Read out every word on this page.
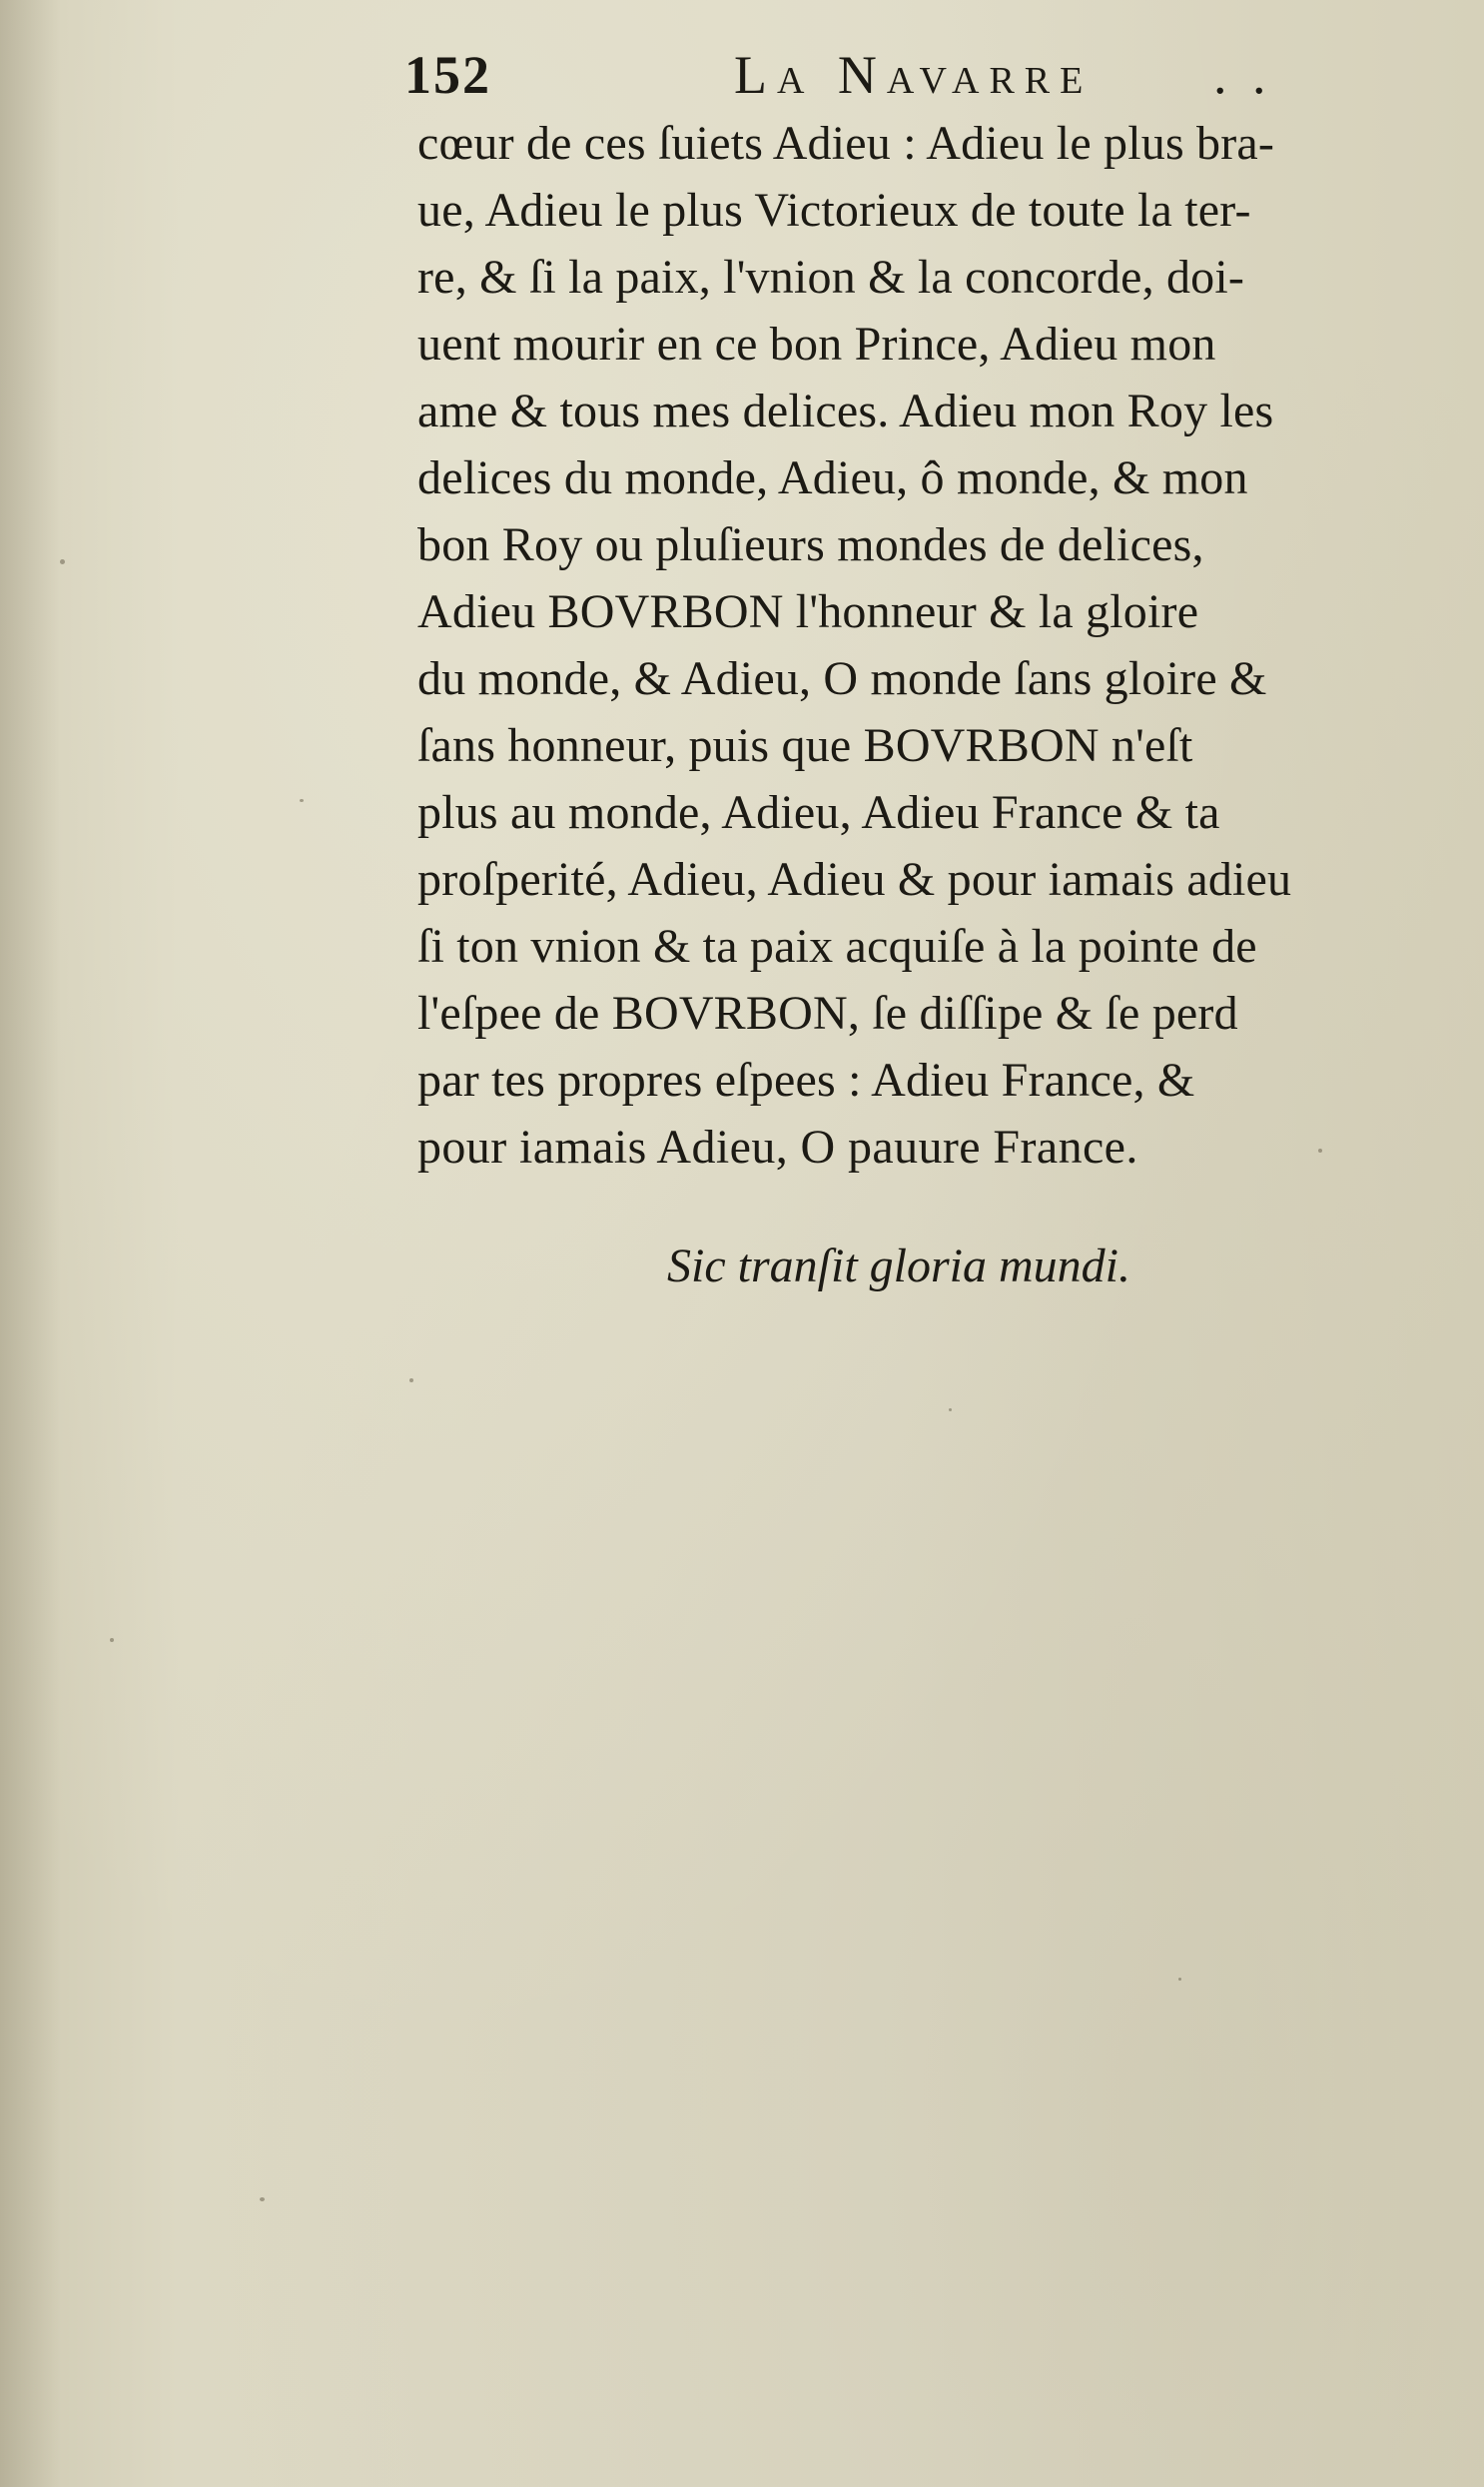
152	La Navarre . .
cœur de ces ſuiets Adieu : Adieu le plus bra-
ue, Adieu le plus Victorieux de toute la ter-
re, & ſi la paix, l'vnion & la concorde, doi-
uent mourir en ce bon Prince, Adieu mon
ame & tous mes delices. Adieu mon Roy les
delices du monde, Adieu, ô monde, & mon
bon Roy ou pluſieurs mondes de delices,
Adieu BOVRBON l'honneur & la gloire
du monde, & Adieu, O monde ſans gloire &
ſans honneur, puis que BOVRBON n'eſt
plus au monde, Adieu, Adieu France & ta
proſperité, Adieu, Adieu & pour iamais adieu
ſi ton vnion & ta paix acquiſe à la pointe de
l'eſpee de BOVRBON, ſe diſſipe & ſe perd
par tes propres eſpees : Adieu France, &
pour iamais Adieu, O pauure France.
Sic tranſit gloria mundi.
